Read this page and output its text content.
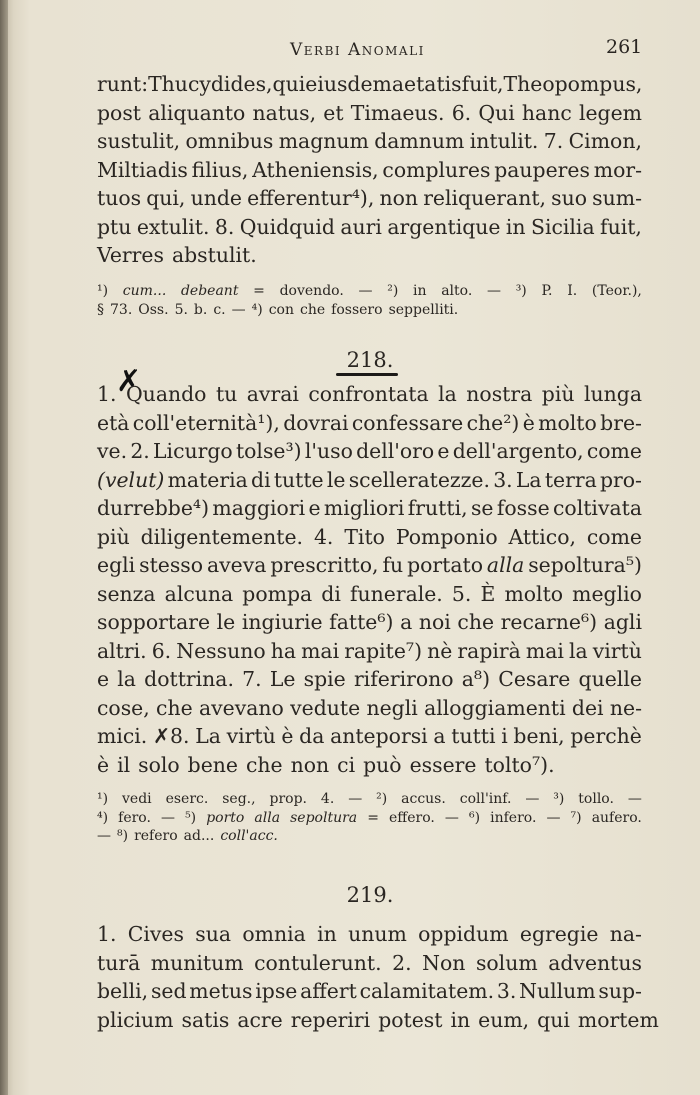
Verbi Anomali	261
runt: Thucydides, qui eiusdem aetatis fuit, Theopompus,
post aliquanto natus, et Timaeus. 6. Qui hanc legem
sustulit, omnibus magnum damnum intulit. 7. Cimon,
Miltiadis filius, Atheniensis, complures pauperes mor-
tuos qui, unde efferentur⁴), non reliquerant, suo sum-
ptu extulit. 8. Quidquid auri argentique in Sicilia fuit,
Verres abstulit.
¹) cum... debeant = dovendo. — ²) in alto. — ³) P. I. (Teor.),
§ 73. Oss. 5. b. c. — ⁴) con che fossero seppelliti.
218.
✗
1. Quando tu avrai confrontata la nostra più lunga
età coll'eternità¹), dovrai confessare che²) è molto bre-
ve. 2. Licurgo tolse³) l'uso dell'oro e dell'argento, come
(velut) materia di tutte le scelleratezze. 3. La terra pro-
durrebbe⁴) maggiori e migliori frutti, se fosse coltivata
più diligentemente. 4. Tito Pomponio Attico, come
egli stesso aveva prescritto, fu portato alla sepoltura⁵)
senza alcuna pompa di funerale. 5. È molto meglio
sopportare le ingiurie fatte⁶) a noi che recarne⁶) agli
altri. 6. Nessuno ha mai rapite⁷) nè rapirà mai la virtù
e la dottrina. 7. Le spie riferirono a⁸) Cesare quelle
cose, che avevano vedute negli alloggiamenti dei ne-
mici. ✗8. La virtù è da anteporsi a tutti i beni, perchè
è il solo bene che non ci può essere tolto⁷).
¹) vedi eserc. seg., prop. 4. — ²) accus. coll'inf. — ³) tollo. —
⁴) fero. — ⁵) porto alla sepoltura = effero. — ⁶) infero. — ⁷) aufero.
— ⁸) refero ad... coll'acc.
219.
1. Cives sua omnia in unum oppidum egregie na-
turā munitum contulerunt. 2. Non solum adventus
belli, sed metus ipse affert calamitatem. 3. Nullum sup-
plicium satis acre reperiri potest in eum, qui mortem
